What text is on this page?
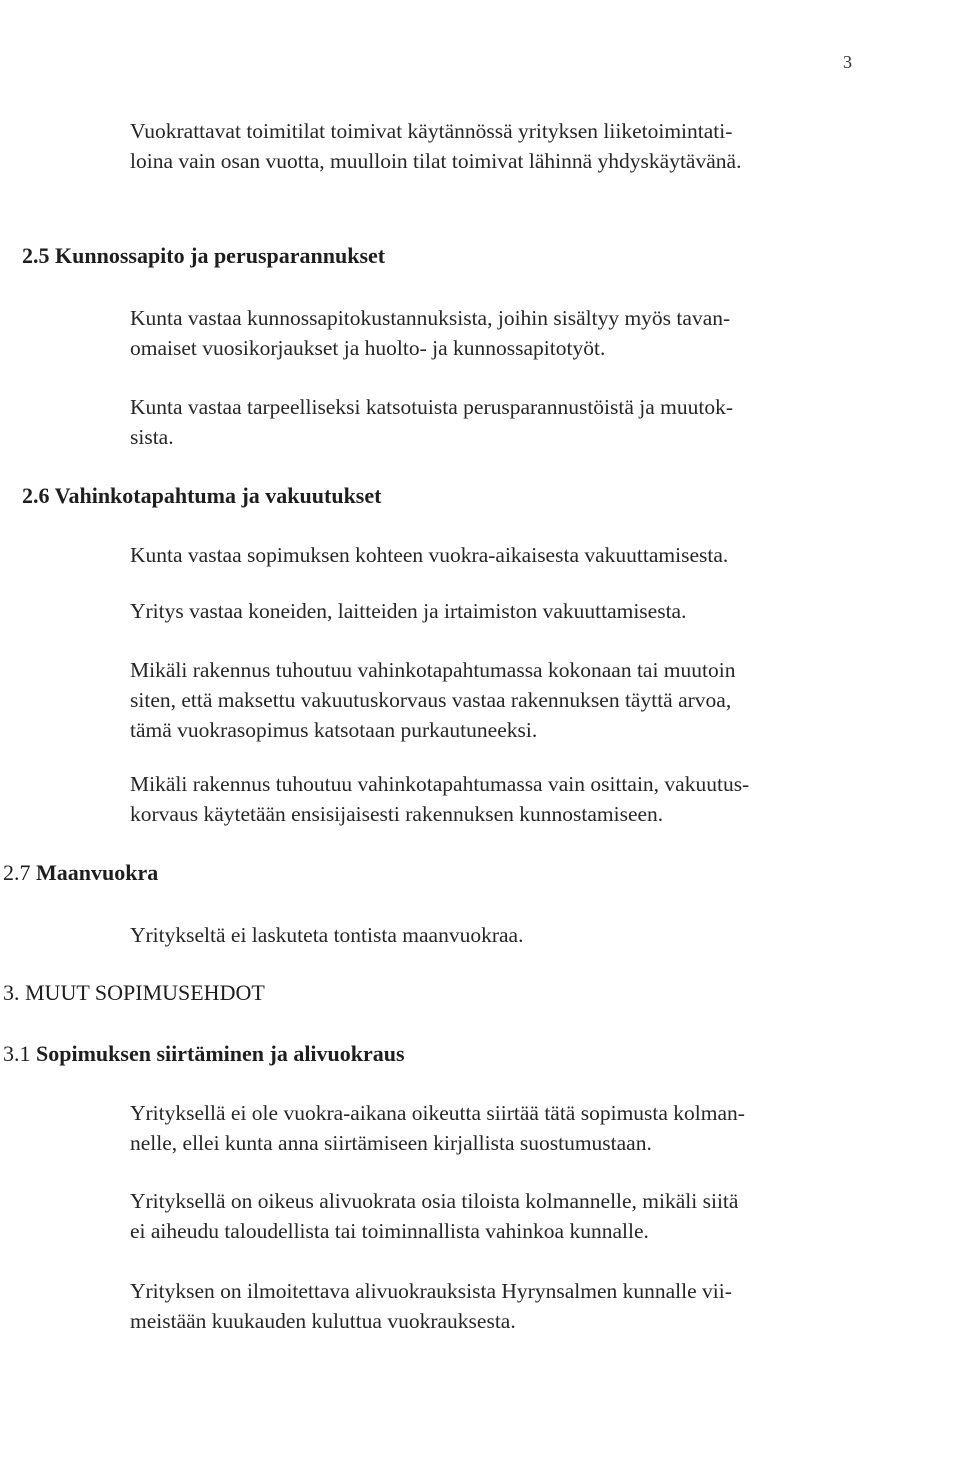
3
Vuokrattavat toimitilat toimivat käytännössä yrityksen liiketoimintati-
loina vain osan vuotta, muulloin tilat toimivat lähinnä yhdyskäytävänä.
2.5 Kunnossapito ja perusparannukset
Kunta vastaa kunnossapitokustannuksista, joihin sisältyy myös tavan-
omaiset vuosikorjaukset ja huolto- ja kunnossapitotyöt.
Kunta vastaa tarpeelliseksi katsotuista perusparannustöistä ja muutok-
sista.
2.6 Vahinkotapahtuma ja vakuutukset
Kunta vastaa sopimuksen kohteen vuokra-aikaisesta vakuuttamisesta.
Yritys vastaa koneiden, laitteiden ja irtaimiston vakuuttamisesta.
Mikäli rakennus tuhoutuu vahinkotapahtumassa kokonaan tai muutoin
siten, että maksettu vakuutuskorvaus vastaa rakennuksen täyttä arvoa,
tämä vuokrasopimus katsotaan purkautuneeksi.
Mikäli rakennus tuhoutuu vahinkotapahtumassa vain osittain, vakuutus-
korvaus käytetään ensisijaisesti rakennuksen kunnostamiseen.
2.7 Maanvuokra
Yritykseltä ei laskuteta tontista maanvuokraa.
3. MUUT SOPIMUSEHDOT
3.1 Sopimuksen siirtäminen ja alivuokraus
Yrityksellä ei ole vuokra-aikana oikeutta siirtää tätä sopimusta kolman-
nelle, ellei kunta anna siirtämiseen kirjallista suostumustaan.
Yrityksellä on oikeus alivuokrata osia tiloista kolmannelle, mikäli siitä
ei aiheudu taloudellista tai toiminnallista vahinkoa kunnalle.
Yrityksen on ilmoitettava alivuokrauksista Hyrynsalmen kunnalle vii-
meistään kuukauden kuluttua vuokrauksesta.
